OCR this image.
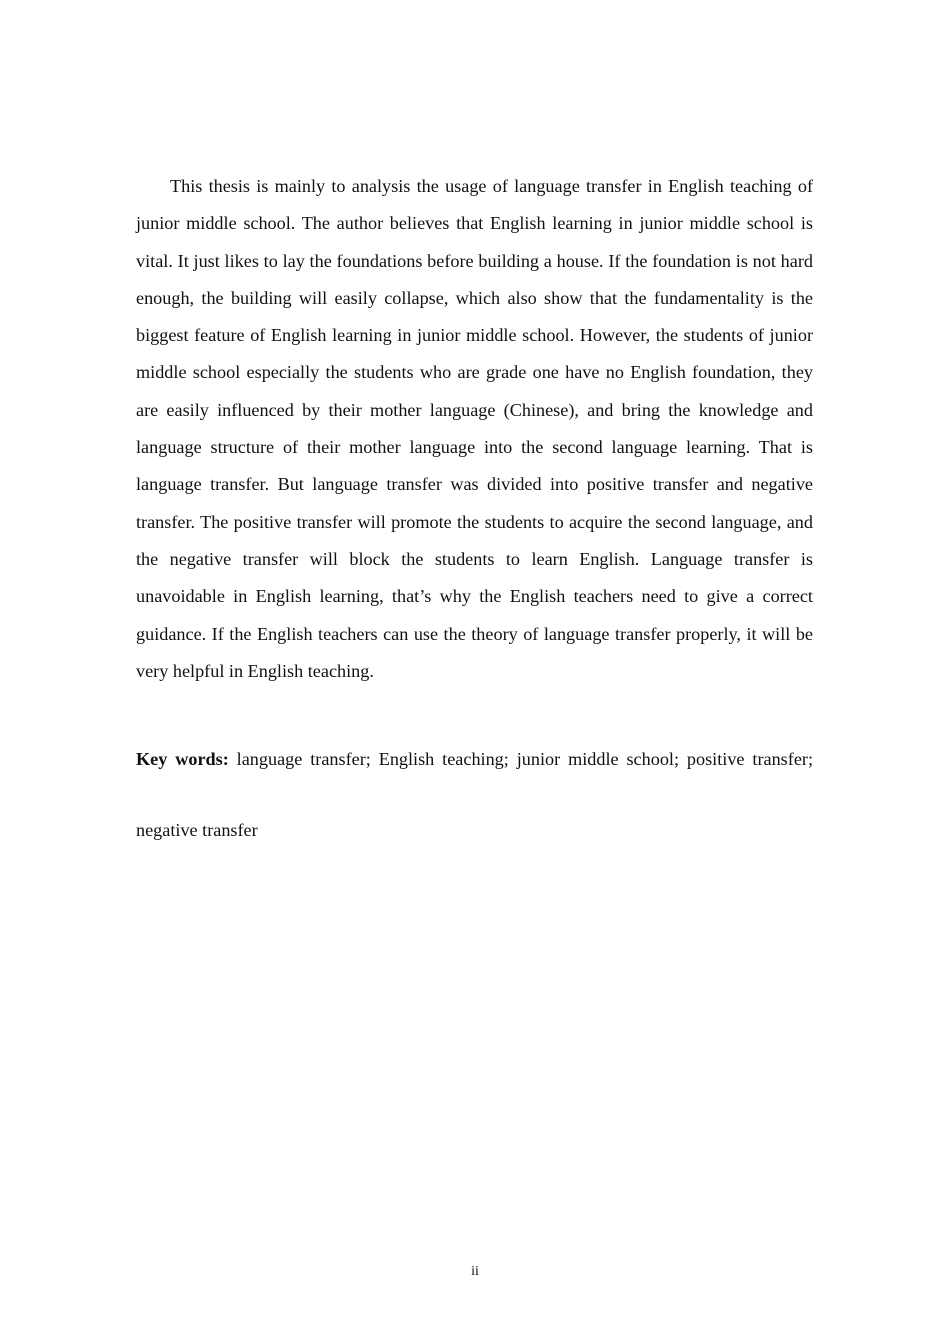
This thesis is mainly to analysis the usage of language transfer in English teaching of junior middle school. The author believes that English learning in junior middle school is vital. It just likes to lay the foundations before building a house. If the foundation is not hard enough, the building will easily collapse, which also show that the fundamentality is the biggest feature of English learning in junior middle school. However, the students of junior middle school especially the students who are grade one have no English foundation, they are easily influenced by their mother language (Chinese), and bring the knowledge and language structure of their mother language into the second language learning. That is language transfer. But language transfer was divided into positive transfer and negative transfer. The positive transfer will promote the students to acquire the second language, and the negative transfer will block the students to learn English. Language transfer is unavoidable in English learning, that’s why the English teachers need to give a correct guidance. If the English teachers can use the theory of language transfer properly, it will be very helpful in English teaching.

Key words: language transfer; English teaching; junior middle school; positive transfer; negative transfer

ii
